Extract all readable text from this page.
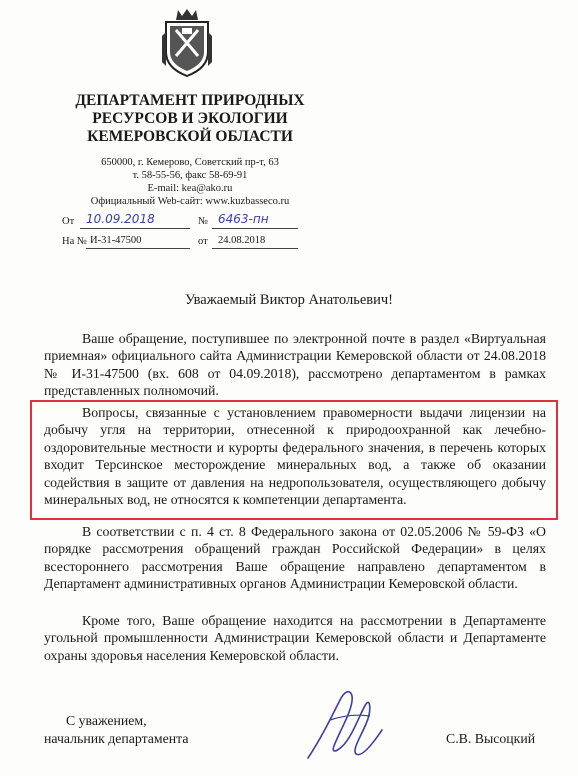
ДЕПАРТАМЕНТ ПРИРОДНЫХ
РЕСУРСОВ И ЭКОЛОГИИ
КЕМЕРОВСКОЙ ОБЛАСТИ
650000, г. Кемерово, Советский пр-т, 63
т. 58-55-56, факс 58-69-91
E-mail: kea@ako.ru
Официальный Web-сайт: www.kuzbasseco.ru
От 10.09.2018	№ 6463-пн
На № И-31-47500	от 24.08.2018
Уважаемый Виктор Анатольевич!
Ваше обращение, поступившее по электронной почте в раздел «Виртуальная приемная» официального сайта Администрации Кемеровской области от 24.08.2018 № И-31-47500 (вх. 608 от 04.09.2018), рассмотрено департаментом в рамках представленных полномочий.
Вопросы, связанные с установлением правомерности выдачи лицензии на добычу угля на территории, отнесенной к природоохранной как лечебно-оздоровительные местности и курорты федерального значения, в перечень которых входит Терсинское месторождение минеральных вод, а также об оказании содействия в защите от давления на недропользователя, осуществляющего добычу минеральных вод, не относятся к компетенции департамента.
В соответствии с п. 4 ст. 8 Федерального закона от 02.05.2006 № 59-ФЗ «О порядке рассмотрения обращений граждан Российской Федерации» в целях всестороннего рассмотрения Ваше обращение направлено департаментом в Департамент административных органов Администрации Кемеровской области.
Кроме того, Ваше обращение находится на рассмотрении в Департаменте угольной промышленности Администрации Кемеровской области и Департаменте охраны здоровья населения Кемеровской области.
С уважением,
начальник департамента	С.В. Высоцкий
